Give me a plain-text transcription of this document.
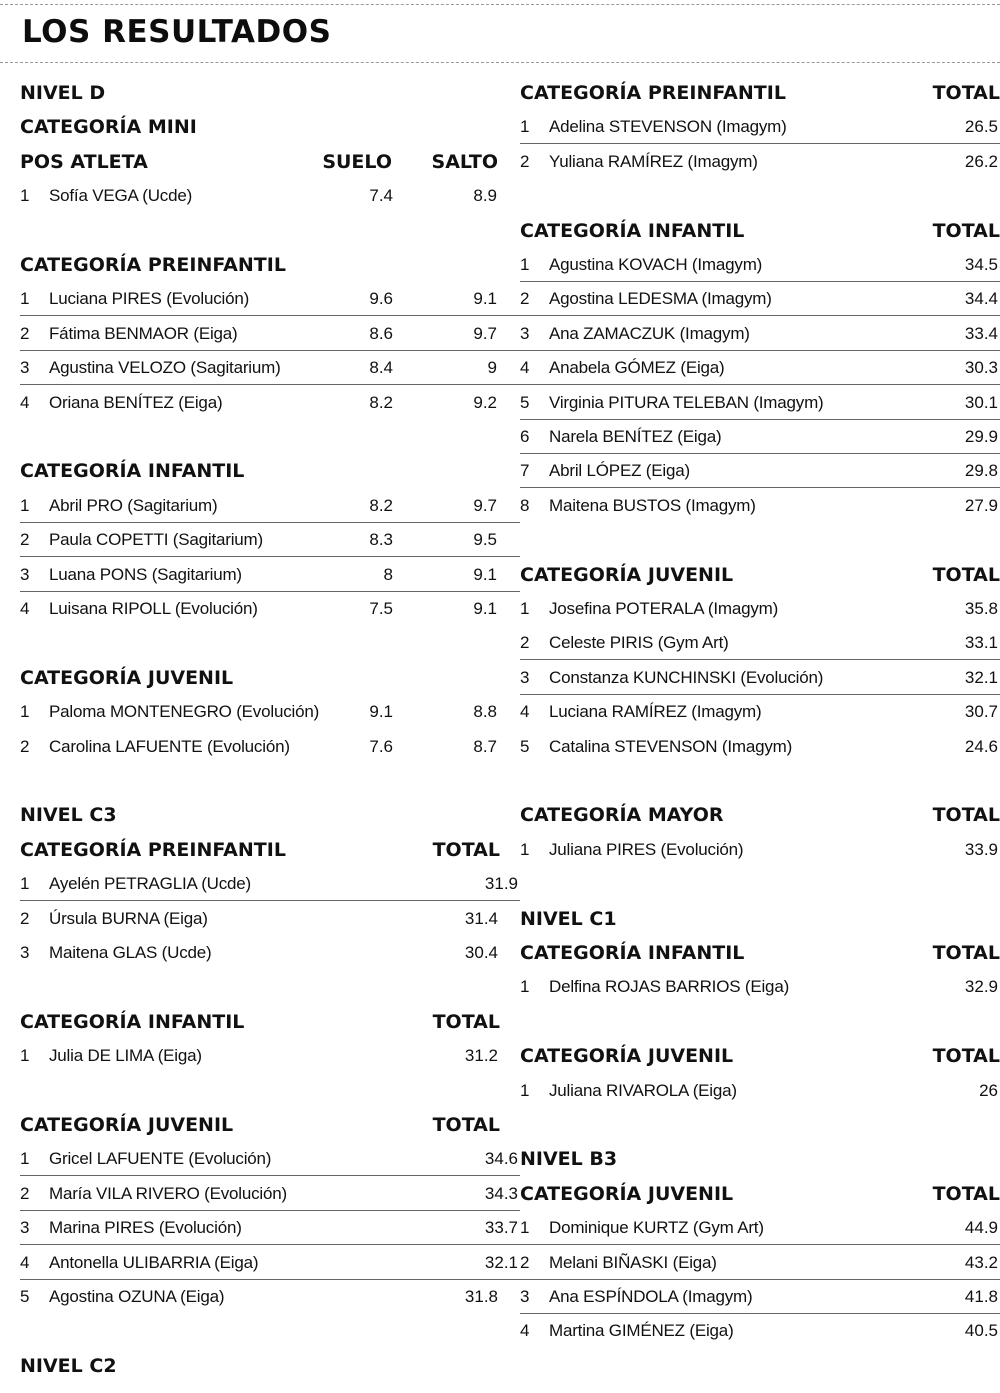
LOS RESULTADOS
NIVEL D
CATEGORÍA MINI
POS ATLETA	SUELO	SALTO
1	Sofía VEGA (Ucde)	7.4	8.9
CATEGORÍA PREINFANTIL
1	Luciana PIRES (Evolución)	9.6	9.1
2	Fátima BENMAOR (Eiga)	8.6	9.7
3	Agustina VELOZO (Sagitarium)	8.4	9
4	Oriana BENÍTEZ (Eiga)	8.2	9.2
CATEGORÍA INFANTIL
1	Abril PRO (Sagitarium)	8.2	9.7
2	Paula COPETTI (Sagitarium)	8.3	9.5
3	Luana PONS (Sagitarium)	8	9.1
4	Luisana RIPOLL (Evolución)	7.5	9.1
CATEGORÍA JUVENIL
1	Paloma MONTENEGRO (Evolución)	9.1	8.8
2	Carolina LAFUENTE (Evolución)	7.6	8.7
NIVEL C3
CATEGORÍA PREINFANTIL	TOTAL
1	Ayelén PETRAGLIA (Ucde)	31.9
2	Úrsula BURNA (Eiga)	31.4
3	Maitena GLAS (Ucde)	30.4
CATEGORÍA INFANTIL	TOTAL
1	Julia DE LIMA (Eiga)	31.2
CATEGORÍA JUVENIL	TOTAL
1	Gricel LAFUENTE (Evolución)	34.6
2	María VILA RIVERO (Evolución)	34.3
3	Marina PIRES (Evolución)	33.7
4	Antonella ULIBARRIA (Eiga)	32.1
5	Agostina OZUNA (Eiga)	31.8
NIVEL C2
CATEGORÍA PREINFANTIL	TOTAL
1	Adelina STEVENSON (Imagym)	26.5
2	Yuliana RAMÍREZ (Imagym)	26.2
CATEGORÍA INFANTIL	TOTAL
1	Agustina KOVACH (Imagym)	34.5
2	Agostina LEDESMA (Imagym)	34.4
3	Ana ZAMACZUK (Imagym)	33.4
4	Anabela GÓMEZ (Eiga)	30.3
5	Virginia PITURA TELEBAN (Imagym)	30.1
6	Narela BENÍTEZ (Eiga)	29.9
7	Abril LÓPEZ (Eiga)	29.8
8	Maitena BUSTOS (Imagym)	27.9
CATEGORÍA JUVENIL	TOTAL
1	Josefina POTERALA (Imagym)	35.8
2	Celeste PIRIS (Gym Art)	33.1
3	Constanza KUNCHINSKI (Evolución)	32.1
4	Luciana RAMÍREZ (Imagym)	30.7
5	Catalina STEVENSON (Imagym)	24.6
CATEGORÍA MAYOR	TOTAL
1	Juliana PIRES (Evolución)	33.9
NIVEL C1
CATEGORÍA INFANTIL	TOTAL
1	Delfina ROJAS BARRIOS (Eiga)	32.9
CATEGORÍA JUVENIL	TOTAL
1	Juliana RIVAROLA (Eiga)	26
NIVEL B3
CATEGORÍA JUVENIL	TOTAL
1	Dominique KURTZ (Gym Art)	44.9
2	Melani BIÑASKI (Eiga)	43.2
3	Ana ESPÍNDOLA (Imagym)	41.8
4	Martina GIMÉNEZ (Eiga)	40.5
